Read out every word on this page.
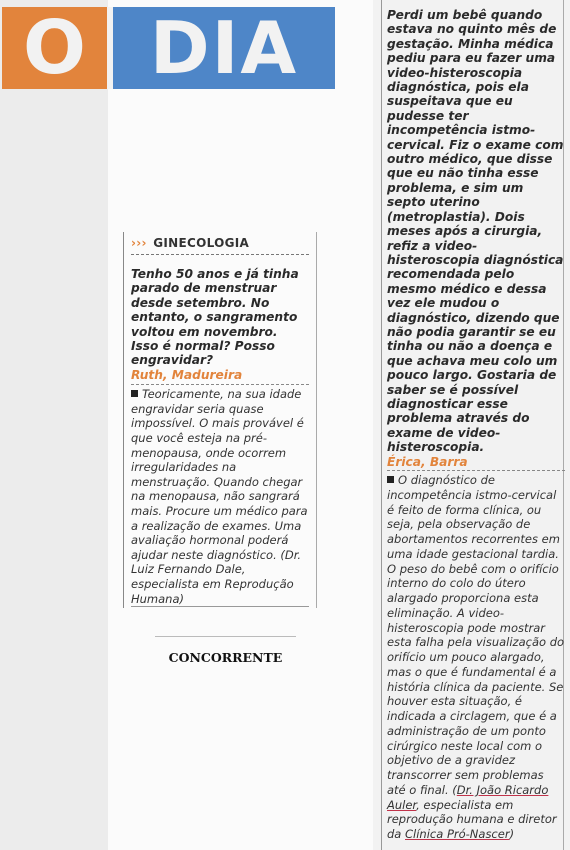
O DIA
››› GINECOLOGIA
Tenho 50 anos e já tinha parado de menstruar desde setembro. No entanto, o sangramento voltou em novembro. Isso é normal? Posso engravidar?
Ruth, Madureira
Teoricamente, na sua idade engravidar seria quase impossível. O mais provável é que você esteja na pré-menopausa, onde ocorrem irregularidades na menstruação. Quando chegar na menopausa, não sangrará mais. Procure um médico para a realização de exames. Uma avaliação hormonal poderá ajudar neste diagnóstico. (Dr. Luiz Fernando Dale, especialista em Reprodução Humana)
CONCORRENTE
Perdi um bebê quando estava no quinto mês de gestação. Minha médica pediu para eu fazer uma video-histeroscopia diagnóstica, pois ela suspeitava que eu pudesse ter incompetência istmo-cervical. Fiz o exame com outro médico, que disse que eu não tinha esse problema, e sim um septo uterino (metroplastia). Dois meses após a cirurgia, refiz a video-histeroscopia diagnóstica recomendada pelo mesmo médico e dessa vez ele mudou o diagnóstico, dizendo que não podia garantir se eu tinha ou não a doença e que achava meu colo um pouco largo. Gostaria de saber se é possível diagnosticar esse problema através do exame de video-histeroscopia.
Érica, Barra
O diagnóstico de incompetência istmo-cervical é feito de forma clínica, ou seja, pela observação de abortamentos recorrentes em uma idade gestacional tardia. O peso do bebê com o orifício interno do colo do útero alargado proporciona esta eliminação. A video-histeroscopia pode mostrar esta falha pela visualização do orifício um pouco alargado, mas o que é fundamental é a história clínica da paciente. Se houver esta situação, é indicada a circlagem, que é a administração de um ponto cirúrgico neste local com o objetivo de a gravidez transcorrer sem problemas até o final. (Dr. João Ricardo Auler, especialista em reprodução humana e diretor da Clínica Pró-Nascer)
